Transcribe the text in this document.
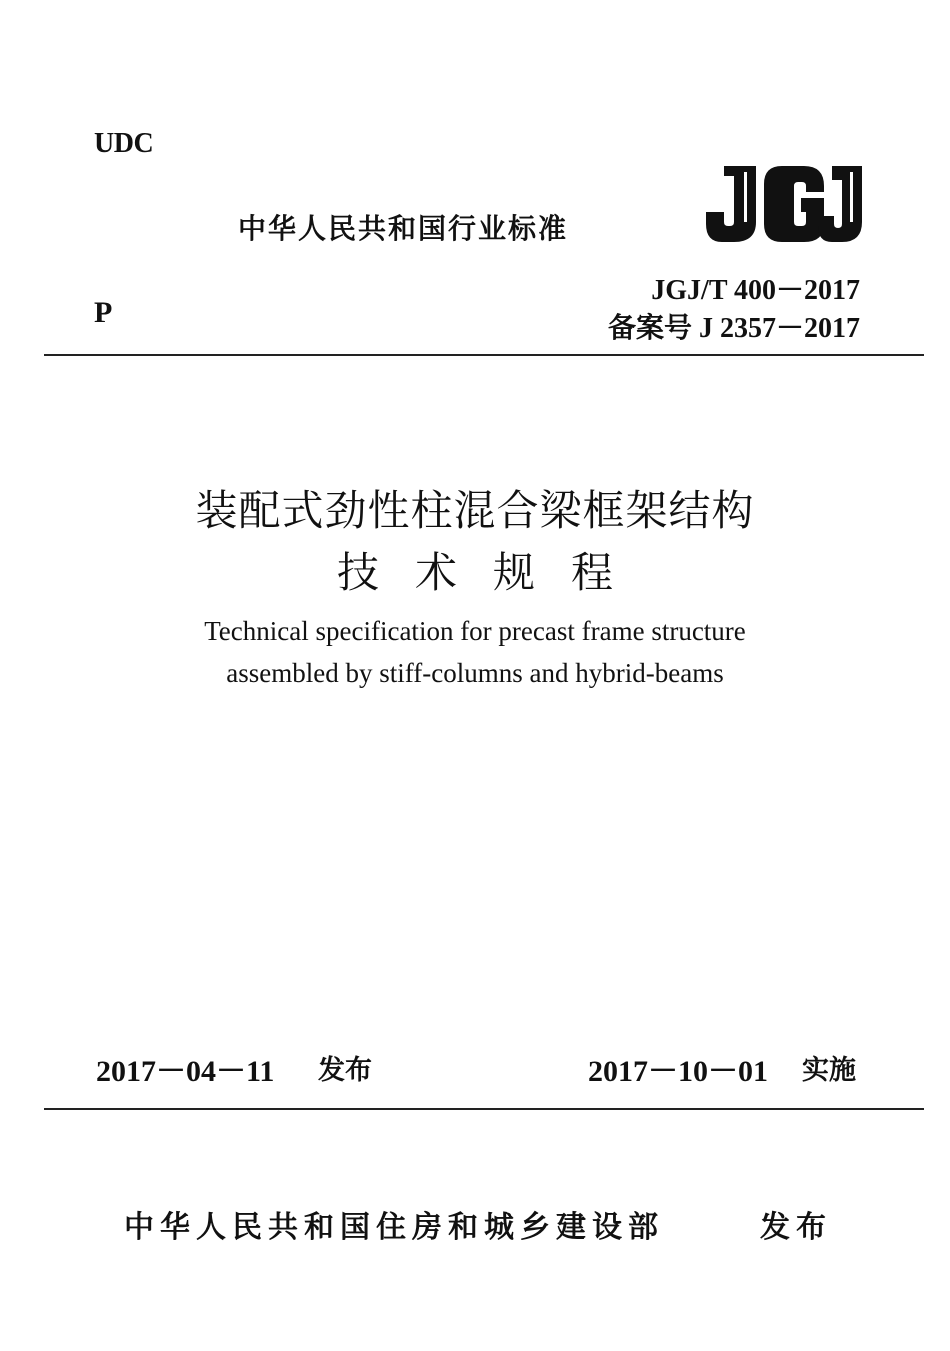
UDC
P
中华人民共和国行业标准
JGJ/T 400－2017
备案号 J 2357－2017
装配式劲性柱混合梁框架结构
技术规程
Technical specification for precast frame structure
assembled by stiff-columns and hybrid-beams
2017－04－11 发布	2017－10－01 实施
中华人民共和国住房和城乡建设部	发布
